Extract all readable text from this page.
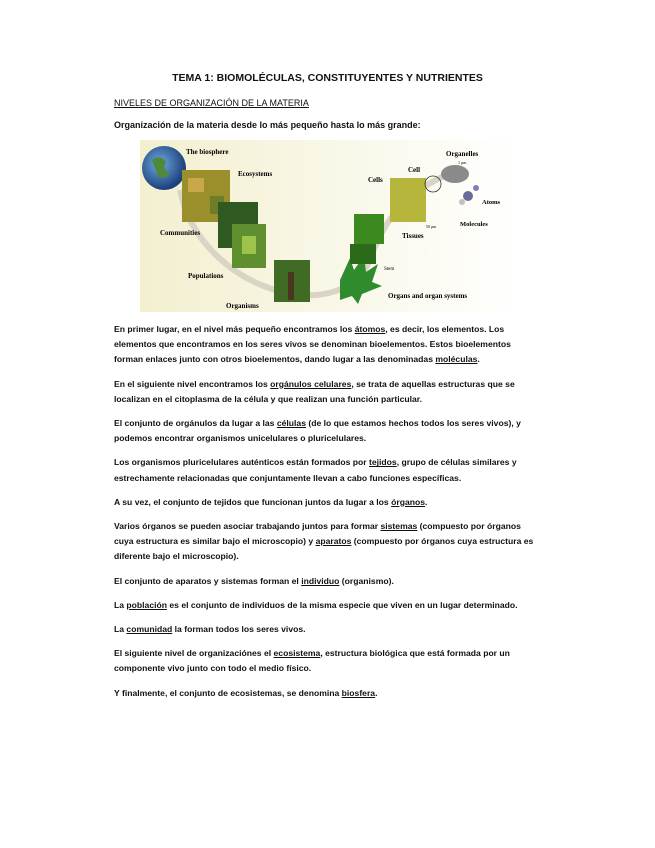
TEMA 1: BIOMOLÉCULAS, CONSTITUYENTES Y NUTRIENTES
NIVELES DE ORGANIZACIÓN DE LA MATERIA
Organización de la materia desde lo más pequeño hasta lo más grande:
The biosphere
Ecosystems
Communities
Populations
Organisms
Organs and organ systems
Tissues
Cells
Cell
Organelles
Atoms
Molecules
Stem
1 µm
50 µm

En primer lugar, en el nivel más pequeño encontramos los átomos, es decir, los elementos. Los elementos que encontramos en los seres vivos se denominan bioelementos. Estos bioelementos forman enlaces junto con otros bioelementos, dando lugar a las denominadas moléculas.

En el siguiente nivel encontramos los orgánulos celulares, se trata de aquellas estructuras que se localizan en el citoplasma de la célula y que realizan una función particular.

El conjunto de orgánulos da lugar a las células (de lo que estamos hechos todos los seres vivos), y podemos encontrar organismos unicelulares o pluricelulares.

Los organismos pluricelulares auténticos están formados por tejidos, grupo de células similares y estrechamente relacionadas que conjuntamente llevan a cabo funciones específicas.

A su vez, el conjunto de tejidos que funcionan juntos da lugar a los órganos.

Varios órganos se pueden asociar trabajando juntos para formar sistemas (compuesto por órganos cuya estructura es similar bajo el microscopio) y aparatos (compuesto por órganos cuya estructura es diferente bajo el microscopio).

El conjunto de aparatos y sistemas forman el individuo (organismo).

La población es el conjunto de individuos de la misma especie que viven en un lugar determinado.

La comunidad la forman todos los seres vivos.

El siguiente nivel de organizaciónes el ecosistema, estructura biológica que está formada por un componente vivo junto con todo el medio físico.

Y finalmente, el conjunto de ecosistemas, se denomina biosfera.
